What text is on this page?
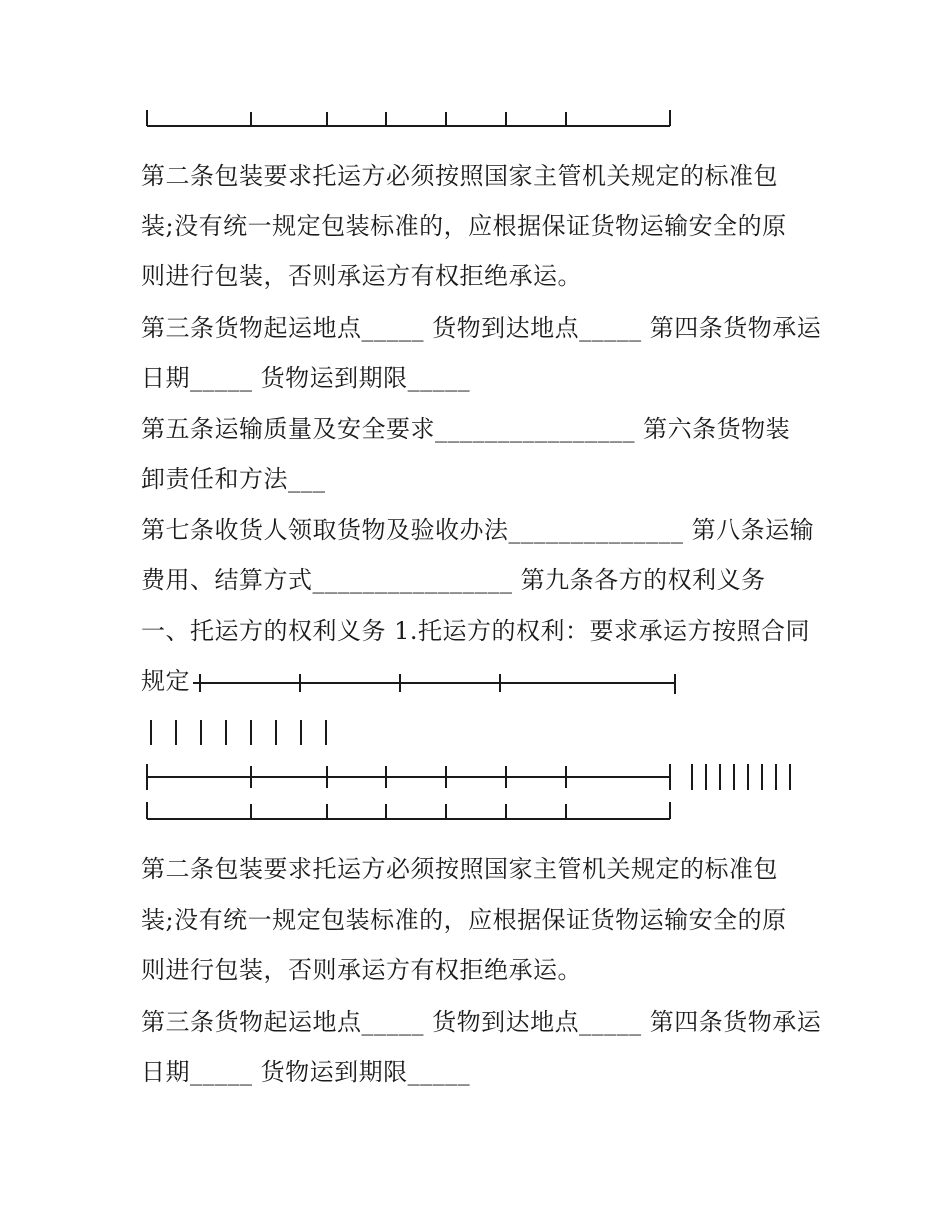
第二条包装要求托运方必须按照国家主管机关规定的标准包
装;没有统一规定包装标准的，应根据保证货物运输安全的原
则进行包装，否则承运方有权拒绝承运。
第三条货物起运地点_____ 货物到达地点_____ 第四条货物承运
日期_____ 货物运到期限_____
第五条运输质量及安全要求________________ 第六条货物装
卸责任和方法___
第七条收货人领取货物及验收办法______________ 第八条运输
费用、结算方式________________ 第九条各方的权利义务
一、托运方的权利义务 1.托运方的权利：要求承运方按照合同
规定
第二条包装要求托运方必须按照国家主管机关规定的标准包
装;没有统一规定包装标准的，应根据保证货物运输安全的原
则进行包装，否则承运方有权拒绝承运。
第三条货物起运地点_____ 货物到达地点_____ 第四条货物承运
日期_____ 货物运到期限_____
